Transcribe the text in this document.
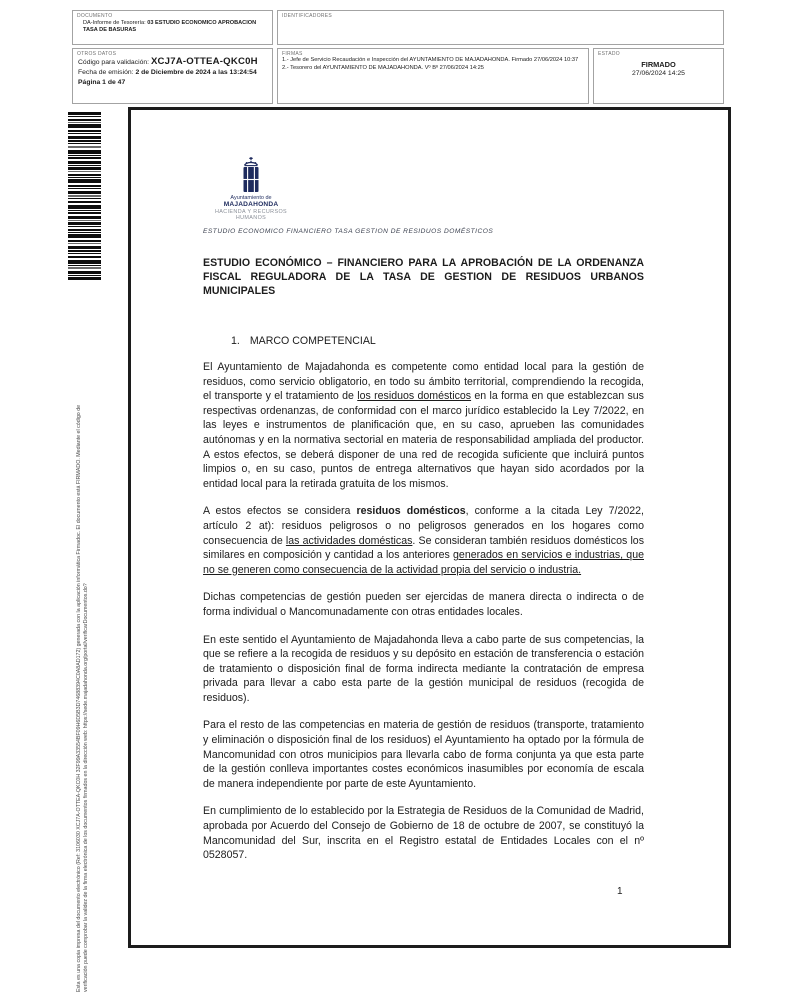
DOCUMENTO
DA-Informe de Tesorería: 03 ESTUDIO ECONOMICO APROBACION TASA DE BASURAS
IDENTIFICADORES
OTROS DATOS
Código para validación: XCJ7A-OTTEA-QKC0H
Fecha de emisión: 2 de Diciembre de 2024 a las 13:24:54
Página 1 de 47
FIRMAS
1.- Jefe de Servicio Recaudación e Inspección del AYUNTAMIENTO DE MAJADAHONDA. Firmado 27/06/2024 10:37
2.- Tesorero del AYUNTAMIENTO DE MAJADAHONDA. Vº Bº 27/06/2024 14:25
ESTADO
FIRMADO
27/06/2024 14:25
Esta es una copia impresa del documento electrónico (Ref: 3106030 XCJ7A-OTTEA-QKC0H 32F99A33554BF09H6D5B3D74688394C0A8AD172) generada con la aplicación informática Firmadoc. El documento está FIRMADO. Mediante el código de verificación puede comprobar la validez de la firma electrónica de los documentos firmados en la dirección web: https://sede.majadahonda.org/portal/verificarDocumentos.do?
Ayuntamiento de
MAJADAHONDA
HACIENDA Y RECURSOS HUMANOS
ESTUDIO ECONOMICO FINANCIERO TASA GESTION DE RESIDUOS DOMÉSTICOS
ESTUDIO ECONÓMICO – FINANCIERO PARA LA APROBACIÓN DE LA ORDENANZA FISCAL REGULADORA DE LA TASA DE GESTION DE RESIDUOS URBANOS MUNICIPALES
1. MARCO COMPETENCIAL

El Ayuntamiento de Majadahonda es competente como entidad local para la gestión de residuos, como servicio obligatorio, en todo su ámbito territorial, comprendiendo la recogida, el transporte y el tratamiento de los residuos domésticos en la forma en que establezcan sus respectivas ordenanzas, de conformidad con el marco jurídico establecido la Ley 7/2022, en las leyes e instrumentos de planificación que, en su caso, aprueben las comunidades autónomas y en la normativa sectorial en materia de responsabilidad ampliada del productor. A estos efectos, se deberá disponer de una red de recogida suficiente que incluirá puntos limpios o, en su caso, puntos de entrega alternativos que hayan sido acordados por la entidad local para la retirada gratuita de los mismos.

A estos efectos se considera residuos domésticos, conforme a la citada Ley 7/2022, artículo 2 at): residuos peligrosos o no peligrosos generados en los hogares como consecuencia de las actividades domésticas. Se consideran también residuos domésticos los similares en composición y cantidad a los anteriores generados en servicios e industrias, que no se generen como consecuencia de la actividad propia del servicio o industria.

Dichas competencias de gestión pueden ser ejercidas de manera directa o indirecta o de forma individual o Mancomunadamente con otras entidades locales.

En este sentido el Ayuntamiento de Majadahonda lleva a cabo parte de sus competencias, la que se refiere a la recogida de residuos y su depósito en estación de transferencia o estación de tratamiento o disposición final de forma indirecta mediante la contratación de empresa privada para llevar a cabo esta parte de la gestión municipal de residuos (recogida de residuos).

Para el resto de las competencias en materia de gestión de residuos (transporte, tratamiento y eliminación o disposición final de los residuos) el Ayuntamiento ha optado por la fórmula de Mancomunidad con otros municipios para llevarla cabo de forma conjunta ya que esta parte de la gestión conlleva importantes costes económicos inasumibles por economía de escala de manera independiente por parte de este Ayuntamiento.

En cumplimiento de lo establecido por la Estrategia de Residuos de la Comunidad de Madrid, aprobada por Acuerdo del Consejo de Gobierno de 18 de octubre de 2007, se constituyó la Mancomunidad del Sur, inscrita en el Registro estatal de Entidades Locales con el nº 0528057.

1
